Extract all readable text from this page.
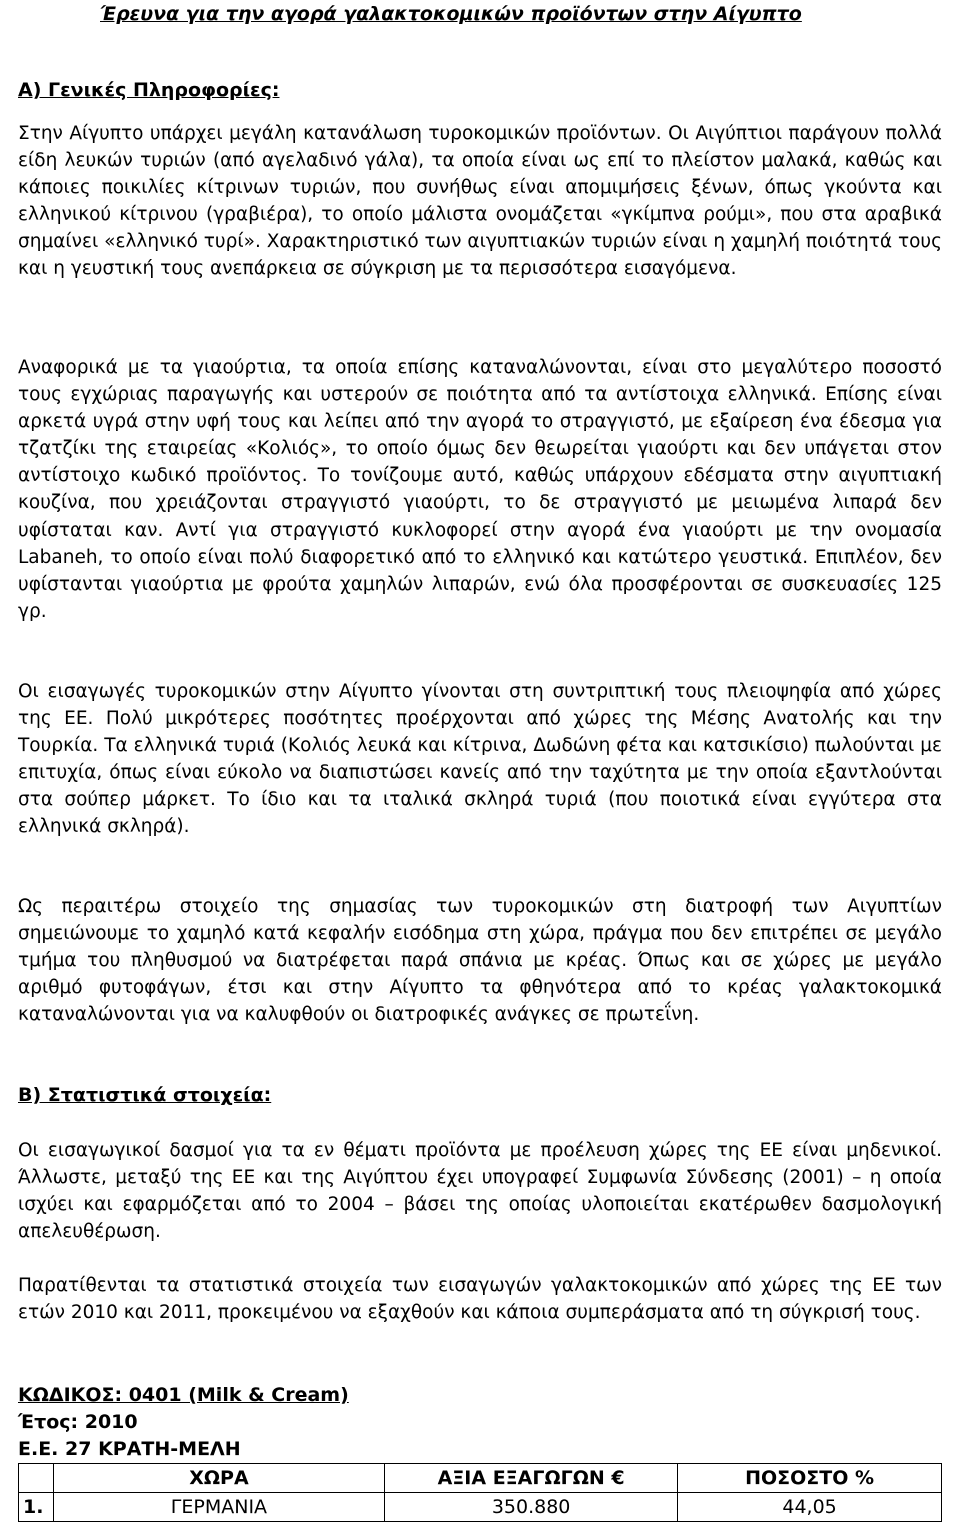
Έρευνα για την αγορά γαλακτοκομικών προϊόντων στην Αίγυπτο
Α) Γενικές Πληροφορίες:

Στην Αίγυπτο υπάρχει μεγάλη κατανάλωση τυροκομικών προϊόντων. Οι Αιγύπτιοι παράγουν πολλά είδη λευκών τυριών (από αγελαδινό γάλα), τα οποία είναι ως επί το πλείστον μαλακά, καθώς και κάποιες ποικιλίες κίτρινων τυριών, που συνήθως είναι απομιμήσεις ξένων, όπως γκούντα και ελληνικού κίτρινου (γραβιέρα), το οποίο μάλιστα ονομάζεται «γκίμπνα ρούμι», που στα αραβικά σημαίνει «ελληνικό τυρί». Χαρακτηριστικό των αιγυπτιακών τυριών είναι η χαμηλή ποιότητά τους και η γευστική τους ανεπάρκεια σε σύγκριση με τα περισσότερα εισαγόμενα.

Αναφορικά με τα γιαούρτια, τα οποία επίσης καταναλώνονται, είναι στο μεγαλύτερο ποσοστό τους εγχώριας παραγωγής και υστερούν σε ποιότητα από τα αντίστοιχα ελληνικά. Επίσης είναι αρκετά υγρά στην υφή τους και λείπει από την αγορά το στραγγιστό, με εξαίρεση ένα έδεσμα για τζατζίκι της εταιρείας «Κολιός», το οποίο όμως δεν θεωρείται γιαούρτι και δεν υπάγεται στον αντίστοιχο κωδικό προϊόντος. Το τονίζουμε αυτό, καθώς υπάρχουν εδέσματα στην αιγυπτιακή κουζίνα, που χρειάζονται στραγγιστό γιαούρτι, το δε στραγγιστό με μειωμένα λιπαρά δεν υφίσταται καν. Αντί για στραγγιστό κυκλοφορεί στην αγορά ένα γιαούρτι με την ονομασία Labaneh, το οποίο είναι πολύ διαφορετικό από το ελληνικό και κατώτερο γευστικά. Επιπλέον, δεν υφίστανται γιαούρτια με φρούτα χαμηλών λιπαρών, ενώ όλα προσφέρονται σε συσκευασίες 125 γρ.

Οι εισαγωγές τυροκομικών στην Αίγυπτο γίνονται στη συντριπτική τους πλειοψηφία από χώρες της ΕΕ. Πολύ μικρότερες ποσότητες προέρχονται από χώρες της Μέσης Ανατολής και την Τουρκία. Τα ελληνικά τυριά (Κολιός λευκά και κίτρινα, Δωδώνη φέτα και κατσικίσιο) πωλούνται με επιτυχία, όπως είναι εύκολο να διαπιστώσει κανείς από την ταχύτητα με την οποία εξαντλούνται στα σούπερ μάρκετ. Το ίδιο και τα ιταλικά σκληρά τυριά (που ποιοτικά είναι εγγύτερα στα ελληνικά σκληρά).

Ως περαιτέρω στοιχείο της σημασίας των τυροκομικών στη διατροφή των Αιγυπτίων σημειώνουμε το χαμηλό κατά κεφαλήν εισόδημα στη χώρα, πράγμα που δεν επιτρέπει σε μεγάλο τμήμα του πληθυσμού να διατρέφεται παρά σπάνια με κρέας. Όπως και σε χώρες με μεγάλο αριθμό φυτοφάγων, έτσι και στην Αίγυπτο τα φθηνότερα από το κρέας γαλακτοκομικά καταναλώνονται για να καλυφθούν οι διατροφικές ανάγκες σε πρωτεΐνη.

Β) Στατιστικά στοιχεία:

Οι εισαγωγικοί δασμοί για τα εν θέματι προϊόντα με προέλευση χώρες της ΕΕ είναι μηδενικοί. Άλλωστε, μεταξύ της ΕΕ και της Αιγύπτου έχει υπογραφεί Συμφωνία Σύνδεσης (2001) – η οποία ισχύει και εφαρμόζεται από το 2004 – βάσει της οποίας υλοποιείται εκατέρωθεν δασμολογική απελευθέρωση.

Παρατίθενται τα στατιστικά στοιχεία των εισαγωγών γαλακτοκομικών από χώρες της ΕΕ των ετών 2010 και 2011, προκειμένου να εξαχθούν και κάποια συμπεράσματα από τη σύγκρισή τους.

ΚΩΔΙΚΟΣ: 0401 (Milk & Cream)
Έτος: 2010
Ε.Ε. 27 ΚΡΑΤΗ-ΜΕΛΗ
	ΧΩΡΑ	ΑΞΙΑ ΕΞΑΓΩΓΩΝ €	ΠΟΣΟΣΤΟ %
1.	ΓΕΡΜΑΝΙΑ	350.880	44,05
